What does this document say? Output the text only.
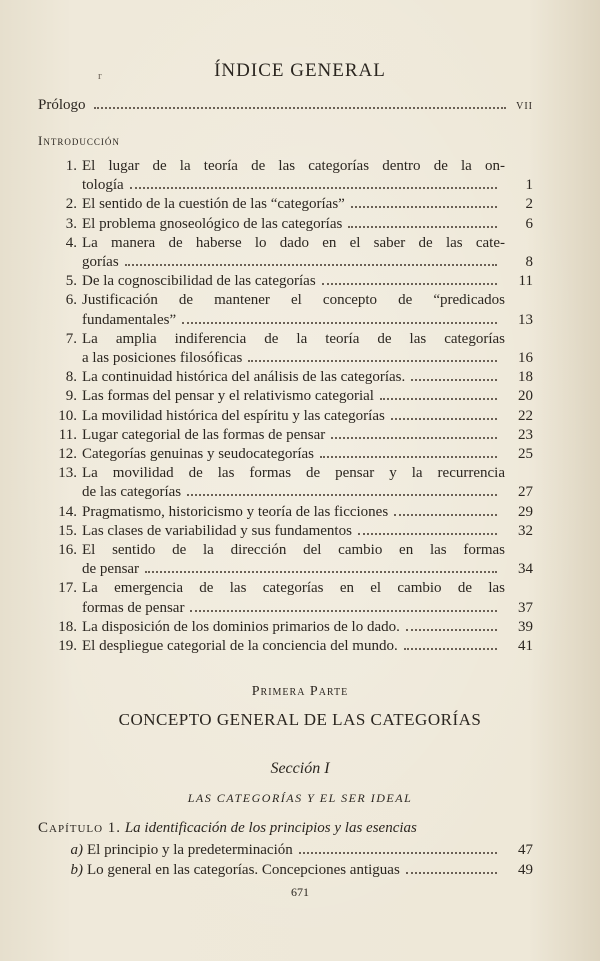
r	ÍNDICE GENERAL
Prólogo	vii
Introducción
1. El lugar de la teoría de las categorías dentro de la on-
tología	1
2. El sentido de la cuestión de las “categorías”	2
3. El problema gnoseológico de las categorías	6
4. La manera de haberse lo dado en el saber de las cate-
gorías	8
5. De la cognoscibilidad de las categorías	11
6. Justificación de mantener el concepto de “predicados
fundamentales”	13
7. La amplia indiferencia de la teoría de las categorías
a las posiciones filosóficas	16
8. La continuidad histórica del análisis de las categorías.	18
9. Las formas del pensar y el relativismo categorial	20
10. La movilidad histórica del espíritu y las categorías	22
11. Lugar categorial de las formas de pensar	23
12. Categorías genuinas y seudocategorías	25
13. La movilidad de las formas de pensar y la recurrencia
de las categorías	27
14. Pragmatismo, historicismo y teoría de las ficciones	29
15. Las clases de variabilidad y sus fundamentos	32
16. El sentido de la dirección del cambio en las formas
de pensar	34
17. La emergencia de las categorías en el cambio de las
formas de pensar	37
18. La disposición de los dominios primarios de lo dado.	39
19. El despliegue categorial de la conciencia del mundo.	41
Primera Parte
CONCEPTO GENERAL DE LAS CATEGORÍAS
Sección I
LAS CATEGORÍAS Y EL SER IDEAL
Capítulo 1. La identificación de los principios y las esencias
a) El principio y la predeterminación	47
b) Lo general en las categorías. Concepciones antiguas	49
671
